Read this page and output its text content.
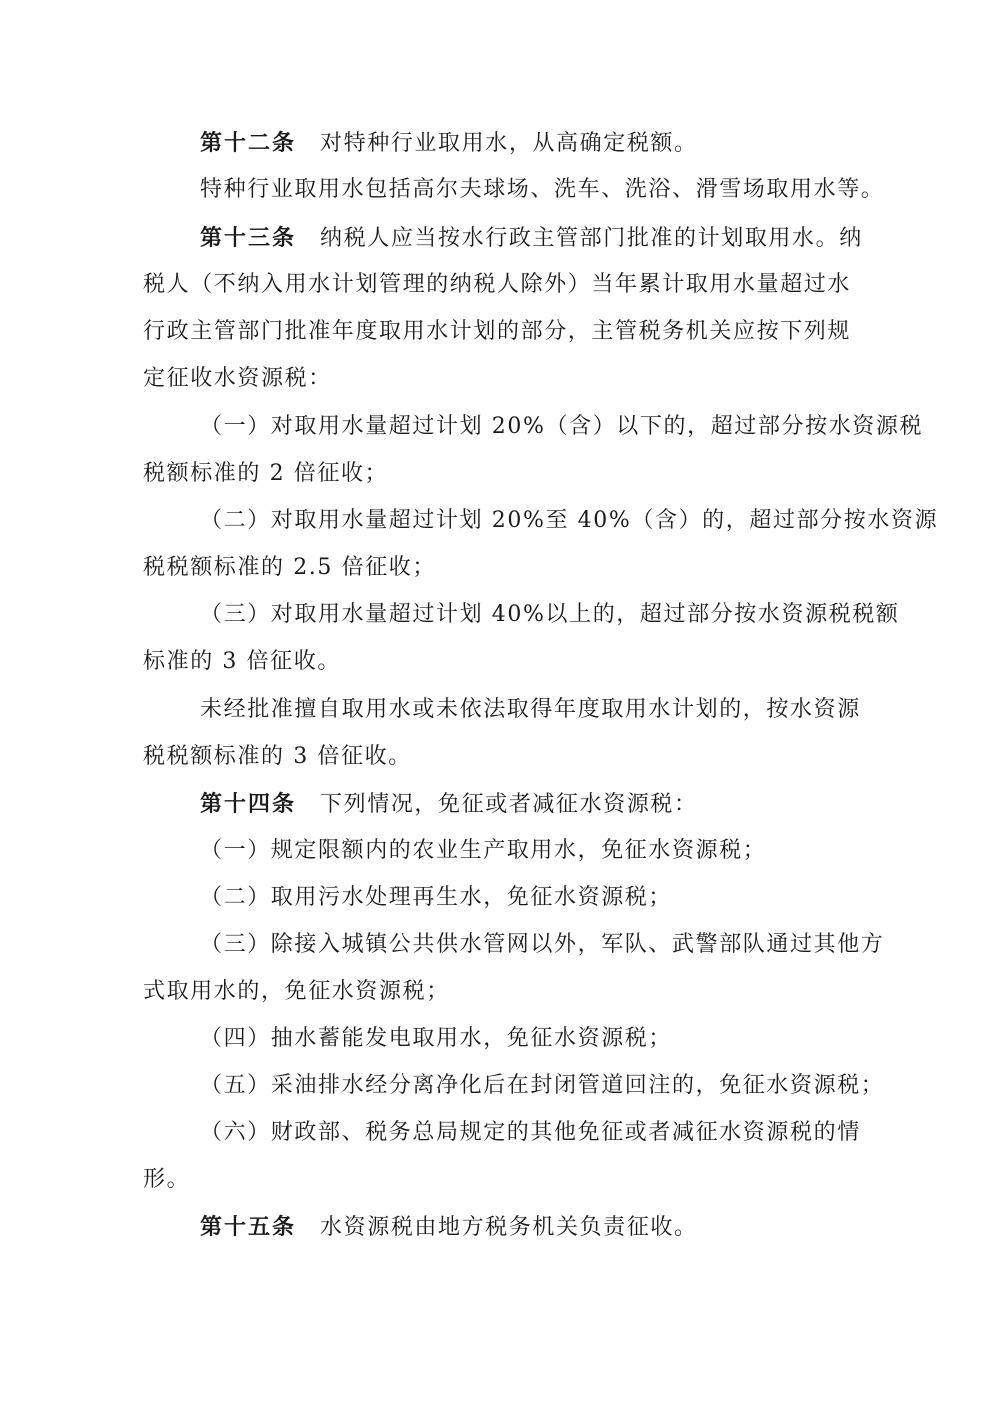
第十二条 对特种行业取用水，从高确定税额。
特种行业取用水包括高尔夫球场、洗车、洗浴、滑雪场取用水等。
第十三条 纳税人应当按水行政主管部门批准的计划取用水。纳
税人（不纳入用水计划管理的纳税人除外）当年累计取用水量超过水
行政主管部门批准年度取用水计划的部分，主管税务机关应按下列规
定征收水资源税：
（一）对取用水量超过计划 20%（含）以下的，超过部分按水资源税
税额标准的 2 倍征收；
（二）对取用水量超过计划 20%至 40%（含）的，超过部分按水资源
税税额标准的 2.5 倍征收；
（三）对取用水量超过计划 40%以上的，超过部分按水资源税税额
标准的 3 倍征收。
未经批准擅自取用水或未依法取得年度取用水计划的，按水资源
税税额标准的 3 倍征收。
第十四条 下列情况，免征或者减征水资源税：
（一）规定限额内的农业生产取用水，免征水资源税；
（二）取用污水处理再生水，免征水资源税；
（三）除接入城镇公共供水管网以外，军队、武警部队通过其他方
式取用水的，免征水资源税；
（四）抽水蓄能发电取用水，免征水资源税；
（五）采油排水经分离净化后在封闭管道回注的，免征水资源税；
（六）财政部、税务总局规定的其他免征或者减征水资源税的情
形。
第十五条 水资源税由地方税务机关负责征收。
